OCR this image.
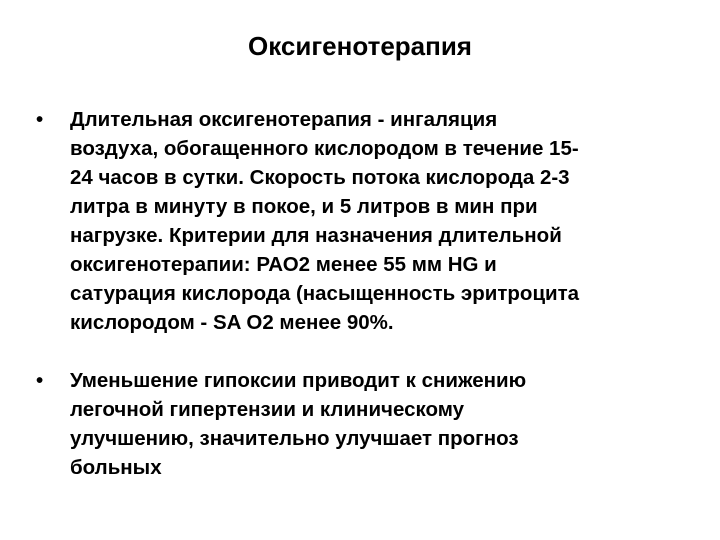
Оксигенотерапия
•	Длительная оксигенотерапия - ингаляция
воздуха, обогащенного кислородом в течение 15-
24 часов в сутки. Скорость потока кислорода 2-3
литра в минуту в покое, и 5 литров в мин при
нагрузке. Критерии для назначения длительной
оксигенотерапии: РАО2 менее 55 мм HG и
сатурация кислорода (насыщенность эритроцита
кислородом - SA O2 менее 90%.
•	Уменьшение гипоксии приводит к снижению
легочной гипертензии и клиническому
улучшению, значительно улучшает прогноз
больных
